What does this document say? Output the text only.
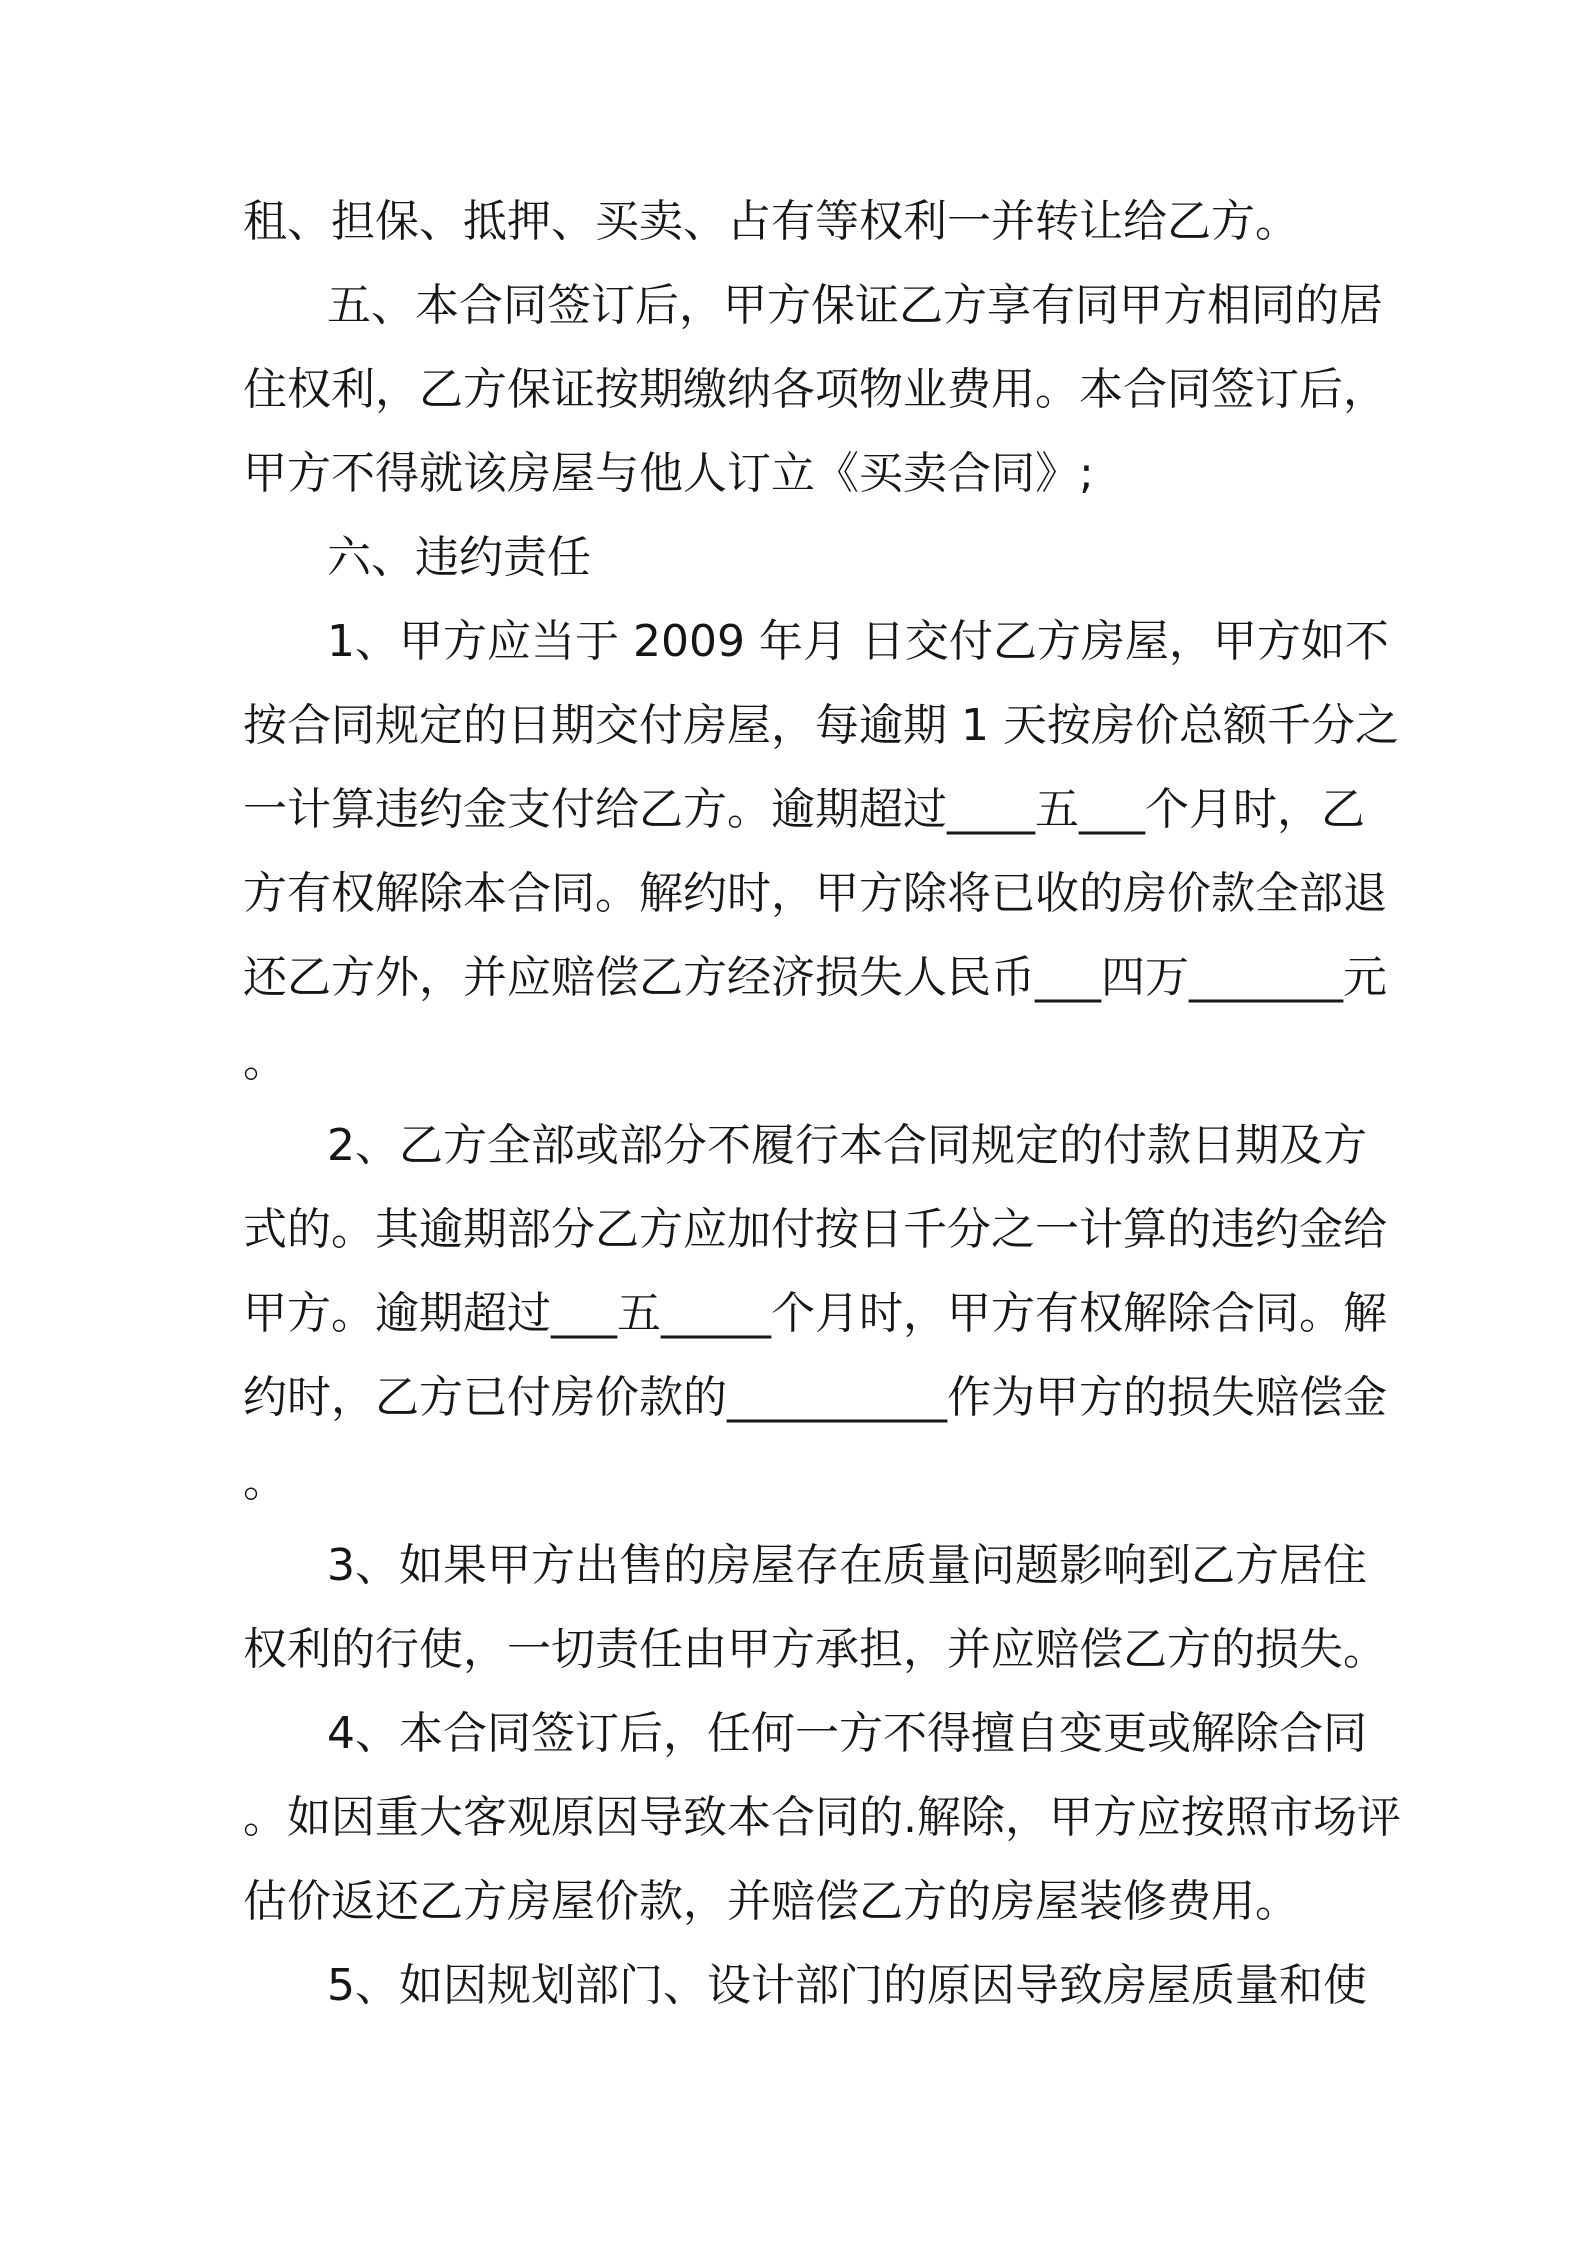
租、担保、抵押、买卖、占有等权利一并转让给乙方。
五、本合同签订后，甲方保证乙方享有同甲方相同的居
住权利，乙方保证按期缴纳各项物业费用。本合同签订后，
甲方不得就该房屋与他人订立《买卖合同》;
六、违约责任
1、甲方应当于 2009 年月 日交付乙方房屋，甲方如不
按合同规定的日期交付房屋，每逾期 1 天按房价总额千分之
一计算违约金支付给乙方。逾期超过____五___个月时，乙
方有权解除本合同。解约时，甲方除将已收的房价款全部退
还乙方外，并应赔偿乙方经济损失人民币___四万_______元
。
2、乙方全部或部分不履行本合同规定的付款日期及方
式的。其逾期部分乙方应加付按日千分之一计算的违约金给
甲方。逾期超过___五_____个月时，甲方有权解除合同。解
约时，乙方已付房价款的__________作为甲方的损失赔偿金
。
3、如果甲方出售的房屋存在质量问题影响到乙方居住
权利的行使，一切责任由甲方承担，并应赔偿乙方的损失。
4、本合同签订后，任何一方不得擅自变更或解除合同
。如因重大客观原因导致本合同的.解除，甲方应按照市场评
估价返还乙方房屋价款，并赔偿乙方的房屋装修费用。
5、如因规划部门、设计部门的原因导致房屋质量和使
